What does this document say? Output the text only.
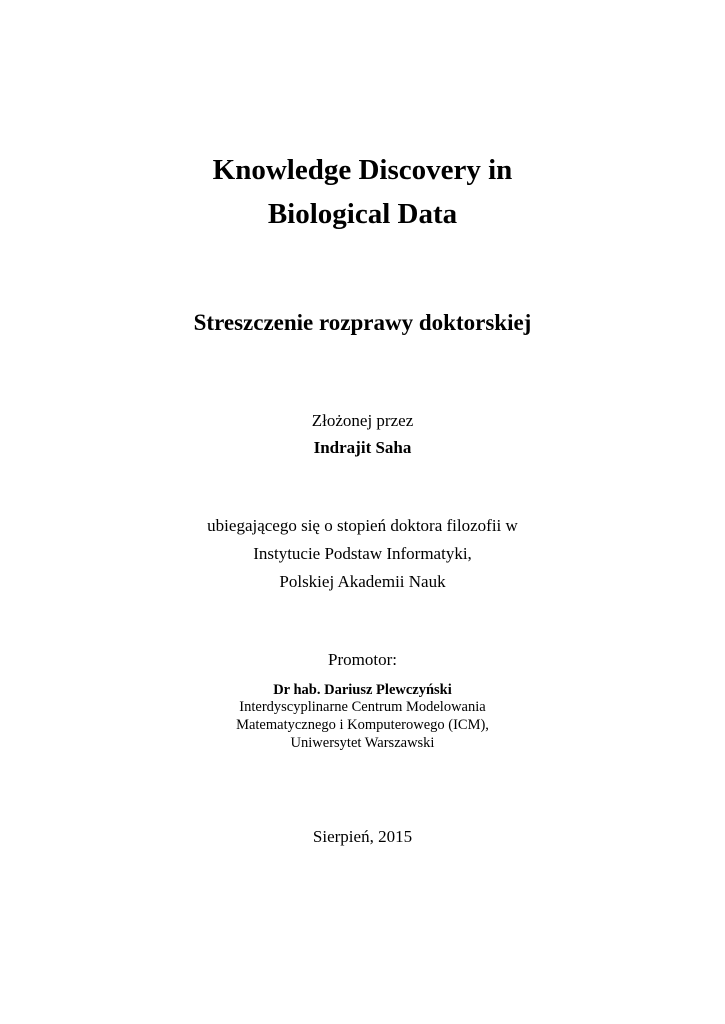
Knowledge Discovery in
Biological Data
Streszczenie rozprawy doktorskiej

Złożonej przez

Indrajit Saha

ubiegającego się o stopień doktora filozofii w

Instytucie Podstaw Informatyki,

Polskiej Akademii Nauk

Promotor:

Dr hab. Dariusz Plewczyński

Interdyscyplinarne Centrum Modelowania

Matematycznego i Komputerowego (ICM),

Uniwersytet Warszawski

Sierpień, 2015
